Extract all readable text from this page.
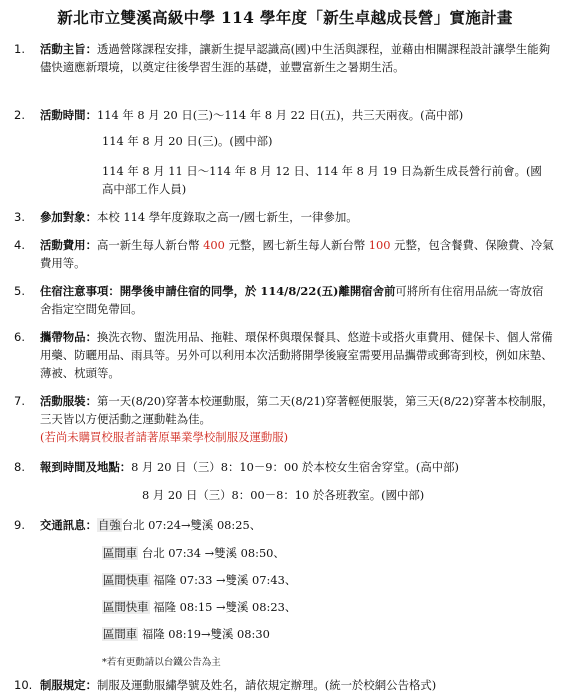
新北市立雙溪高級中學 114 學年度「新生卓越成長營」實施計畫
1.	活動主旨：透過營隊課程安排，讓新生提早認識高(國)中生活與課程，並藉由相關課程設計讓學生能夠儘快適應新環境，以奠定往後學習生涯的基礎，並豐富新生之暑期生活。
2.	活動時間：114 年 8 月 20 日(三)～114 年 8 月 22 日(五)，共三天兩夜。(高中部)
114 年 8 月 20 日(三)。(國中部)
114 年 8 月 11 日～114 年 8 月 12 日、114 年 8 月 19 日為新生成長營行前會。(國高中部工作人員)
3.	參加對象：本校 114 學年度錄取之高一/國七新生，一律參加。
4.	活動費用：高一新生每人新台幣 400 元整，國七新生每人新台幣 100 元整，包含餐費、保險費、冷氣費用等。
5.	住宿注意事項：開學後申請住宿的同學，於 114/8/22(五)離開宿舍前可將所有住宿用品統一寄放宿舍指定空間免帶回。
6.	攜帶物品：換洗衣物、盥洗用品、拖鞋、環保杯與環保餐具、悠遊卡或搭火車費用、健保卡、個人常備用藥、防曬用品、雨具等。另外可以利用本次活動將開學後寢室需要用品攜帶或郵寄到校，例如床墊、薄被、枕頭等。
7.	活動服裝：第一天(8/20)穿著本校運動服，第二天(8/21)穿著輕便服裝，第三天(8/22)穿著本校制服，三天皆以方便活動之運動鞋為佳。
(若尚未購買校服者請著原畢業學校制服及運動服)
8.	報到時間及地點：8 月 20 日（三）8：10－9：00 於本校女生宿舍穿堂。(高中部)
8 月 20 日（三）8：00－8：10 於各班教室。(國中部)
9.	交通訊息：自強台北 07:24→雙溪 08:25、
區間車 台北 07:34 →雙溪 08:50、
區間快車 福隆 07:33 →雙溪 07:43、
區間快車 福隆 08:15 →雙溪 08:23、
區間車 福隆 08:19→雙溪 08:30
*若有更動請以台鐵公告為主
10. 制服規定：制服及運動服繡學號及姓名，請依規定辦理。(統一於校網公告格式)
